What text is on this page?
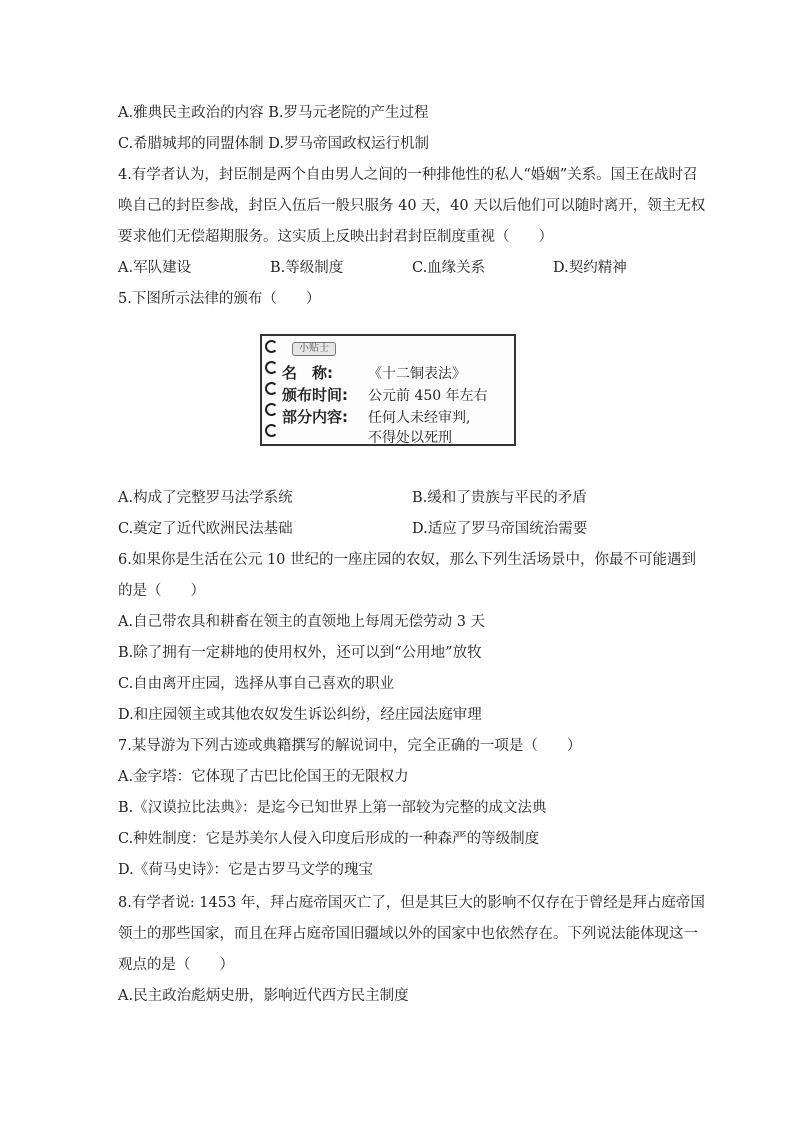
A.雅典民主政治的内容 B.罗马元老院的产生过程
C.希腊城邦的同盟体制 D.罗马帝国政权运行机制
4.有学者认为，封臣制是两个自由男人之间的一种排他性的私人“婚姻”关系。国王在战时召
唤自己的封臣参战，封臣入伍后一般只服务 40 天，40 天以后他们可以随时离开，领主无权
要求他们无偿超期服务。这实质上反映出封君封臣制度重视（　　）
A.军队建设	B.等级制度	C.血缘关系	D.契约精神
5.下图所示法律的颁布（　　）
小贴士
名　称:	《十二铜表法》
颁布时间: 公元前 450 年左右
部分内容: 任何人未经审判,
不得处以死刑
A.构成了完整罗马法学系统	B.缓和了贵族与平民的矛盾
C.奠定了近代欧洲民法基础	D.适应了罗马帝国统治需要
6.如果你是生活在公元 10 世纪的一座庄园的农奴，那么下列生活场景中，你最不可能遇到
的是（　　）
A.自己带农具和耕畜在领主的直领地上每周无偿劳动 3 天
B.除了拥有一定耕地的使用权外，还可以到“公用地”放牧
C.自由离开庄园，选择从事自己喜欢的职业
D.和庄园领主或其他农奴发生诉讼纠纷，经庄园法庭审理
7.某导游为下列古迹或典籍撰写的解说词中，完全正确的一项是（　　）
A.金字塔：它体现了古巴比伦国王的无限权力
B.《汉谟拉比法典》：是迄今已知世界上第一部较为完整的成文法典
C.种姓制度：它是苏美尔人侵入印度后形成的一种森严的等级制度
D.《荷马史诗》：它是古罗马文学的瑰宝
8.有学者说: 1453 年，拜占庭帝国灭亡了，但是其巨大的影响不仅存在于曾经是拜占庭帝国
领土的那些国家，而且在拜占庭帝国旧疆域以外的国家中也依然存在。下列说法能体现这一
观点的是（　　）
A.民主政治彪炳史册，影响近代西方民主制度
